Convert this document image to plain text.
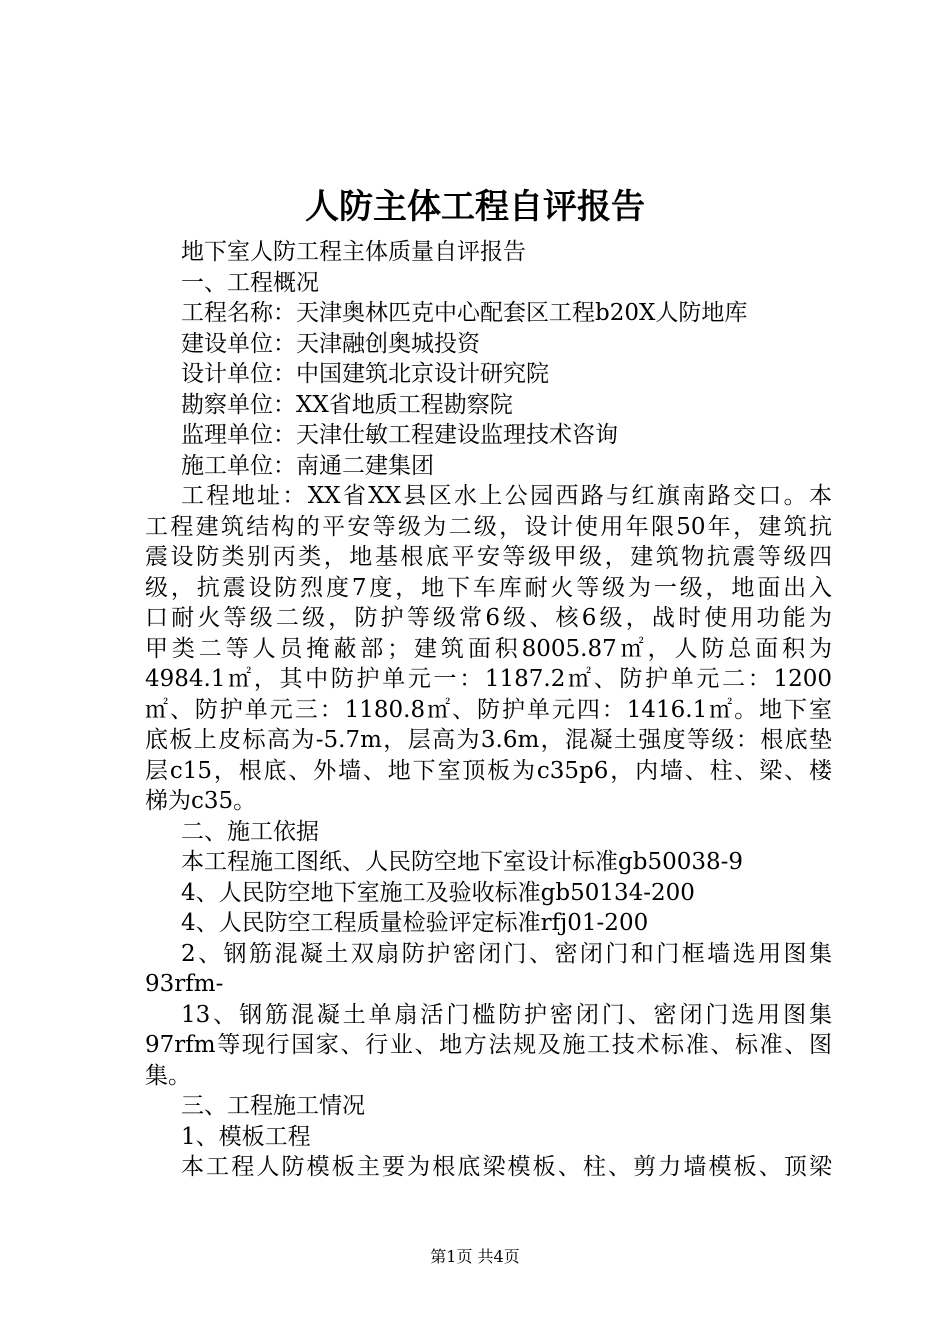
人防主体工程自评报告
地下室人防工程主体质量自评报告
一、工程概况
工程名称：天津奥林匹克中心配套区工程b20X人防地库
建设单位：天津融创奥城投资
设计单位：中国建筑北京设计研究院
勘察单位：XX省地质工程勘察院
监理单位：天津仕敏工程建设监理技术咨询
施工单位：南通二建集团
工程地址：XX省XX县区水上公园西路与红旗南路交口。本
工程建筑结构的平安等级为二级，设计使用年限50年，建筑抗
震设防类别丙类，地基根底平安等级甲级，建筑物抗震等级四
级，抗震设防烈度7度，地下车库耐火等级为一级，地面出入
口耐火等级二级，防护等级常6级、核6级，战时使用功能为
甲类二等人员掩蔽部；建筑面积8005.87㎡，人防总面积为
4984.1㎡，其中防护单元一：1187.2㎡、防护单元二：1200
㎡、防护单元三：1180.8㎡、防护单元四：1416.1㎡。地下室
底板上皮标高为-5.7m，层高为3.6m，混凝土强度等级：根底垫
层c15，根底、外墙、地下室顶板为c35p6，内墙、柱、梁、楼
梯为c35。
二、施工依据
本工程施工图纸、人民防空地下室设计标准gb50038-9
4、人民防空地下室施工及验收标准gb50134-200
4、人民防空工程质量检验评定标准rfj01-200
2、钢筋混凝土双扇防护密闭门、密闭门和门框墙选用图集
93rfm-
13、钢筋混凝土单扇活门槛防护密闭门、密闭门选用图集
97rfm等现行国家、行业、地方法规及施工技术标准、标准、图
集。
三、工程施工情况
1、模板工程
本工程人防模板主要为根底梁模板、柱、剪力墙模板、顶梁
第1页 共4页
